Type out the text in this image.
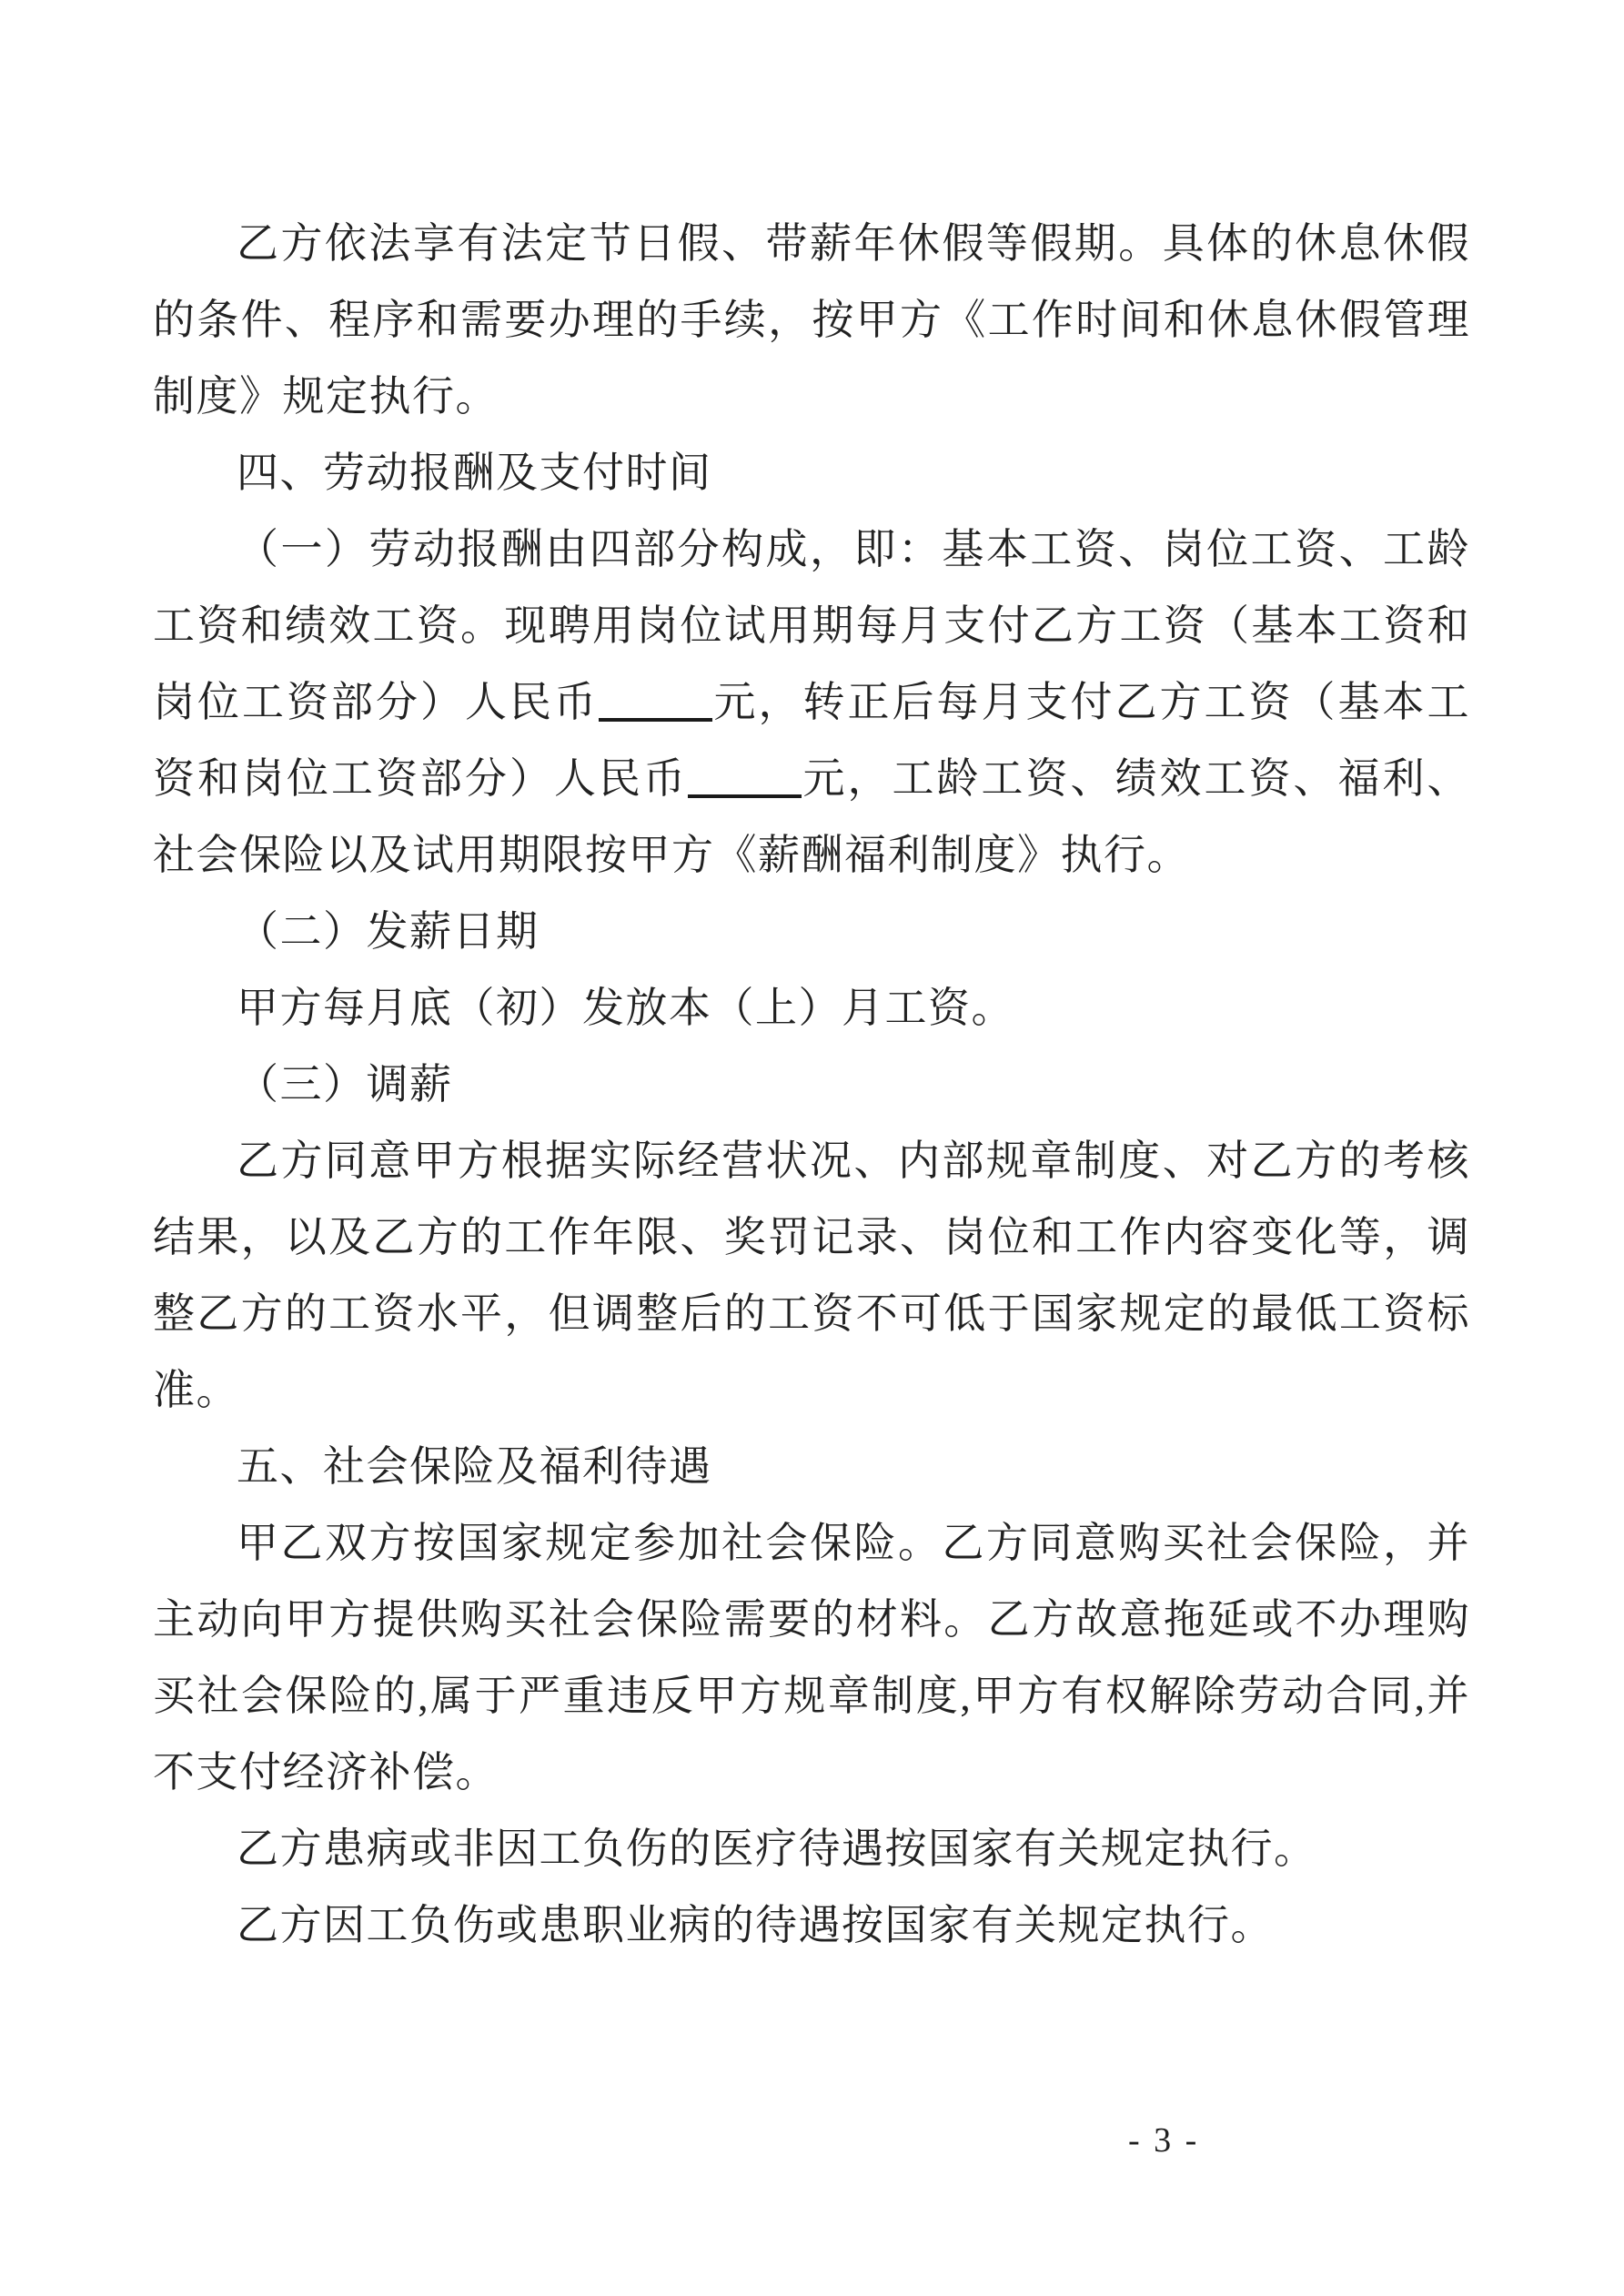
乙方依法享有法定节日假、带薪年休假等假期。具体的休息休假的条件、程序和需要办理的手续，按甲方《工作时间和休息休假管理制度》规定执行。

四、劳动报酬及支付时间

（一）劳动报酬由四部分构成，即：基本工资、岗位工资、工龄工资和绩效工资。现聘用岗位试用期每月支付乙方工资（基本工资和岗位工资部分）人民币	元，转正后每月支付乙方工资（基本工资和岗位工资部分）人民币	元，工龄工资、绩效工资、福利、社会保险以及试用期限按甲方《薪酬福利制度》执行。

（二）发薪日期

甲方每月底（初）发放本（上）月工资。

（三）调薪

乙方同意甲方根据实际经营状况、内部规章制度、对乙方的考核结果，以及乙方的工作年限、奖罚记录、岗位和工作内容变化等，调整乙方的工资水平，但调整后的工资不可低于国家规定的最低工资标准。

五、社会保险及福利待遇

甲乙双方按国家规定参加社会保险。乙方同意购买社会保险，并主动向甲方提供购买社会保险需要的材料。乙方故意拖延或不办理购买社会保险的,属于严重违反甲方规章制度,甲方有权解除劳动合同,并不支付经济补偿。

乙方患病或非因工负伤的医疗待遇按国家有关规定执行。

乙方因工负伤或患职业病的待遇按国家有关规定执行。

- 3 -
